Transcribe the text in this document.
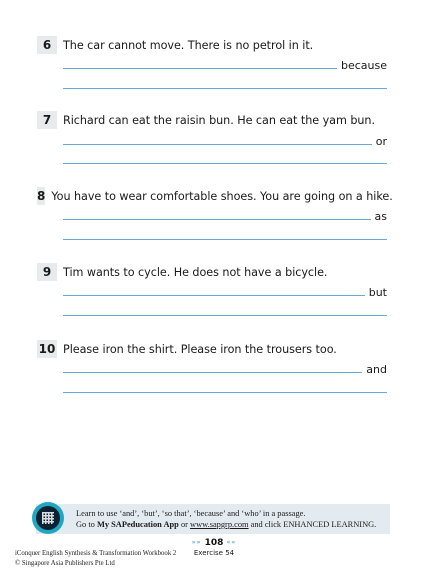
6	The car cannot move. There is no petrol in it.
because
7	Richard can eat the raisin bun. He can eat the yam bun.
or
8 You have to wear comfortable shoes. You are going on a hike.
as
9	Tim wants to cycle. He does not have a bicycle.
but
10 Please iron the shirt. Please iron the trousers too.
and
Learn to use ‘and’, ‘but’, ‘so that’, ‘because’ and ‘who’ in a passage.
Go to My SAPeducation App or www.sapgrp.com and click ENHANCED LEARNING.
»» 108 ««
Exercise 54
iConquer English Synthesis & Transformation Workbook 2
© Singapore Asia Publishers Pte Ltd
